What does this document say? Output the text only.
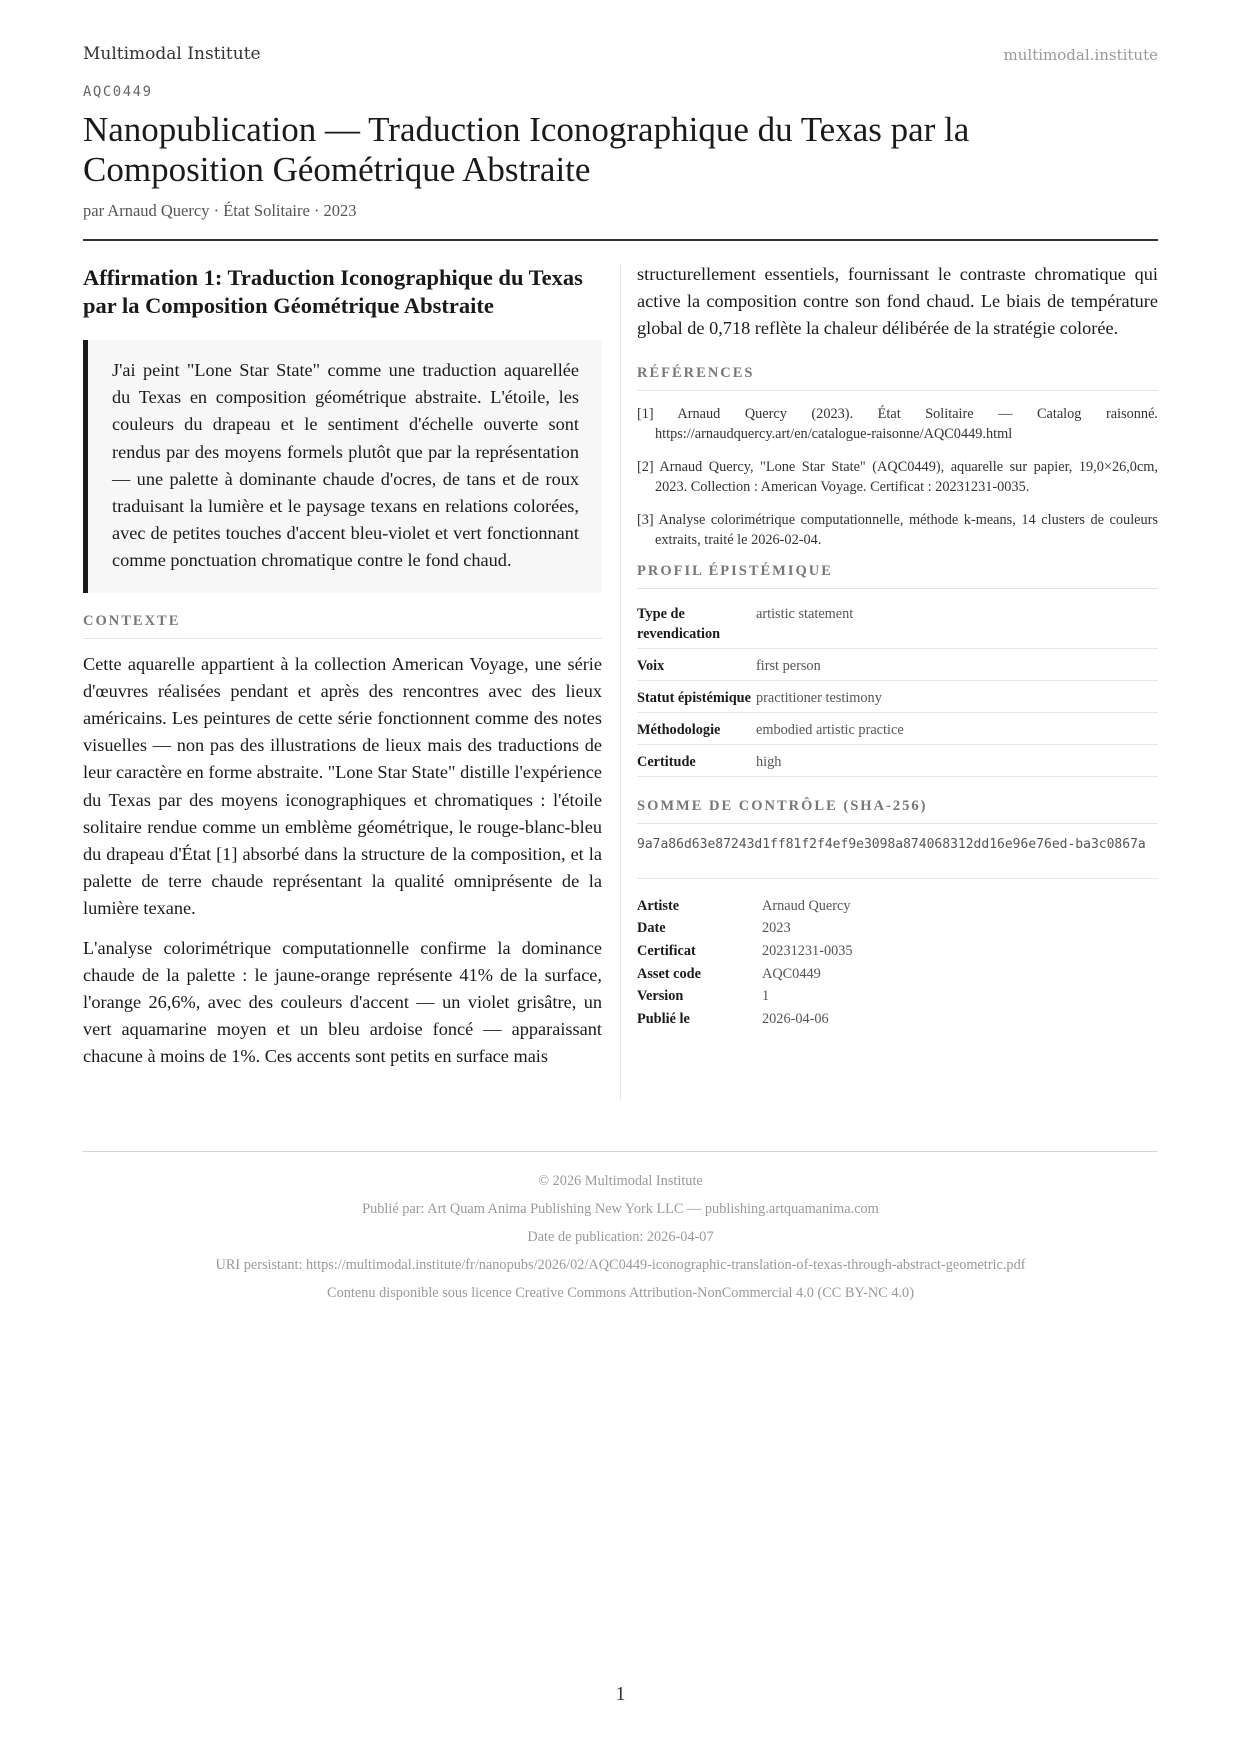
Multimodal Institute	multimodal.institute
AQC0449
Nanopublication — Traduction Iconographique du Texas par la Composition Géométrique Abstraite
par Arnaud Quercy · État Solitaire · 2023
Affirmation 1: Traduction Iconographique du Texas par la Composition Géométrique Abstraite
J'ai peint "Lone Star State" comme une traduction aquarellée du Texas en composition géométrique abstraite. L'étoile, les couleurs du drapeau et le sentiment d'échelle ouverte sont rendus par des moyens formels plutôt que par la représentation — une palette à dominante chaude d'ocres, de tans et de roux traduisant la lumière et le paysage texans en relations colorées, avec de petites touches d'accent bleu-violet et vert fonctionnant comme ponctuation chromatique contre le fond chaud.
CONTEXTE

Cette aquarelle appartient à la collection American Voyage, une série d'œuvres réalisées pendant et après des rencontres avec des lieux américains. Les peintures de cette série fonctionnent comme des notes visuelles — non pas des illustrations de lieux mais des traductions de leur caractère en forme abstraite. "Lone Star State" distille l'expérience du Texas par des moyens iconographiques et chromatiques : l'étoile solitaire rendue comme un emblème géométrique, le rouge-blanc-bleu du drapeau d'État [1] absorbé dans la structure de la composition, et la palette de terre chaude représentant la qualité omniprésente de la lumière texane.

L'analyse colorimétrique computationnelle confirme la dominance chaude de la palette : le jaune-orange représente 41% de la surface, l'orange 26,6%, avec des couleurs d'accent — un violet grisâtre, un vert aquamarine moyen et un bleu ardoise foncé — apparaissant chacune à moins de 1%. Ces accents sont petits en surface mais

structurellement essentiels, fournissant le contraste chromatique qui active la composition contre son fond chaud. Le biais de température global de 0,718 reflète la chaleur délibérée de la stratégie colorée.

RÉFÉRENCES
[1] Arnaud Quercy (2023). État Solitaire — Catalog raisonné. https://arnaudquercy.art/en/catalogue-raisonne/AQC0449.html
[2] Arnaud Quercy, "Lone Star State" (AQC0449), aquarelle sur papier, 19,0×26,0cm, 2023. Collection : American Voyage. Certificat : 20231231-0035.
[3] Analyse colorimétrique computationnelle, méthode k-means, 14 clusters de couleurs extraits, traité le 2026-02-04.
PROFIL ÉPISTÉMIQUE
Type de revendication	artistic statement
Voix	first person
Statut épistémique	practitioner testimony
Méthodologie	embodied artistic practice
Certitude	high
SOMME DE CONTRÔLE (SHA-256)
9a7a86d63e87243d1ff81f2f4ef9e3098a874068312dd16e96e76ed-ba3c0867a
Artiste	Arnaud Quercy
Date	2023
Certificat	20231231-0035
Asset code	AQC0449
Version	1
Publié le	2026-04-06
© 2026 Multimodal Institute
Publié par: Art Quam Anima Publishing New York LLC — publishing.artquamanima.com
Date de publication: 2026-04-07
URI persistant: https://multimodal.institute/fr/nanopubs/2026/02/AQC0449-iconographic-translation-of-texas-through-abstract-geometric.pdf
Contenu disponible sous licence Creative Commons Attribution-NonCommercial 4.0 (CC BY-NC 4.0)
1
